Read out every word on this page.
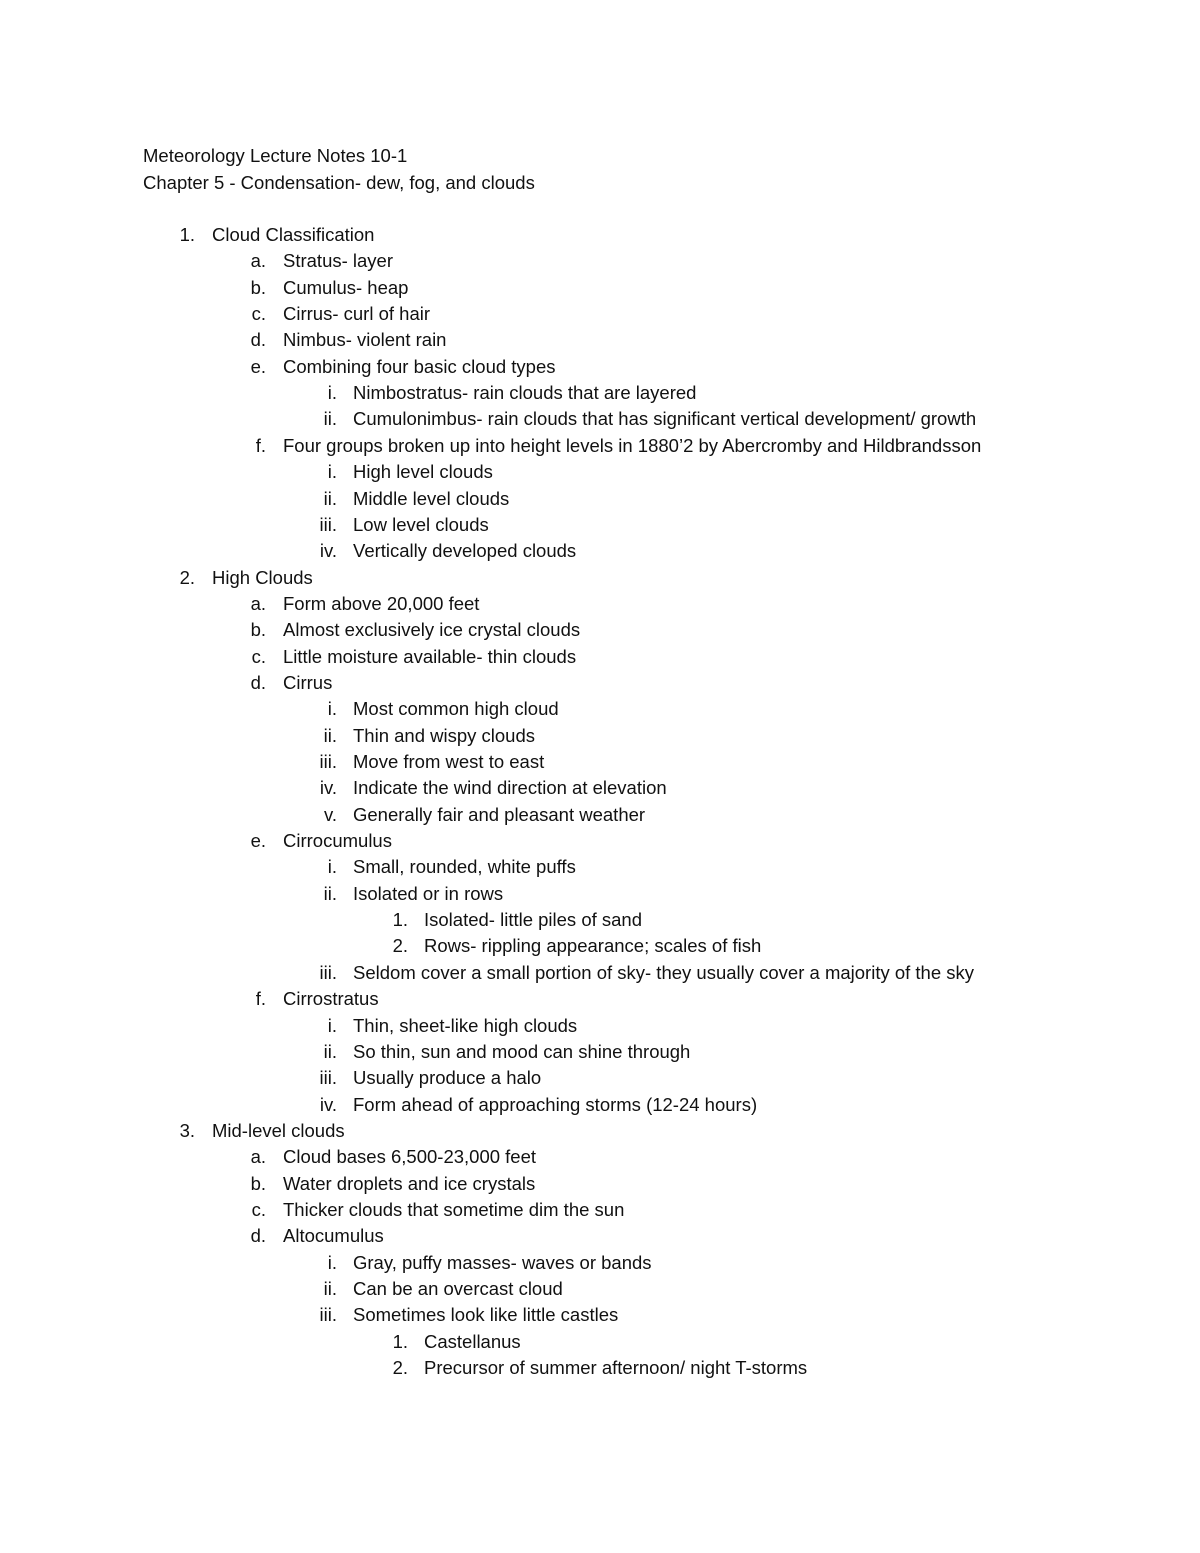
Meteorology Lecture Notes 10-1
Chapter 5 - Condensation- dew, fog, and clouds
1. Cloud Classification
a. Stratus- layer
b. Cumulus- heap
c. Cirrus- curl of hair
d. Nimbus- violent rain
e. Combining four basic cloud types
i. Nimbostratus- rain clouds that are layered
ii. Cumulonimbus- rain clouds that has significant vertical development/ growth
f. Four groups broken up into height levels in 1880’2 by Abercromby and Hildbrandsson
i. High level clouds
ii. Middle level clouds
iii. Low level clouds
iv. Vertically developed clouds
2. High Clouds
a. Form above 20,000 feet
b. Almost exclusively ice crystal clouds
c. Little moisture available- thin clouds
d. Cirrus
i. Most common high cloud
ii. Thin and wispy clouds
iii. Move from west to east
iv. Indicate the wind direction at elevation
v. Generally fair and pleasant weather
e. Cirrocumulus
i. Small, rounded, white puffs
ii. Isolated or in rows
1. Isolated- little piles of sand
2. Rows- rippling appearance; scales of fish
iii. Seldom cover a small portion of sky- they usually cover a majority of the sky
f. Cirrostratus
i. Thin, sheet-like high clouds
ii. So thin, sun and mood can shine through
iii. Usually produce a halo
iv. Form ahead of approaching storms (12-24 hours)
3. Mid-level clouds
a. Cloud bases 6,500-23,000 feet
b. Water droplets and ice crystals
c. Thicker clouds that sometime dim the sun
d. Altocumulus
i. Gray, puffy masses- waves or bands
ii. Can be an overcast cloud
iii. Sometimes look like little castles
1. Castellanus
2. Precursor of summer afternoon/ night T-storms
